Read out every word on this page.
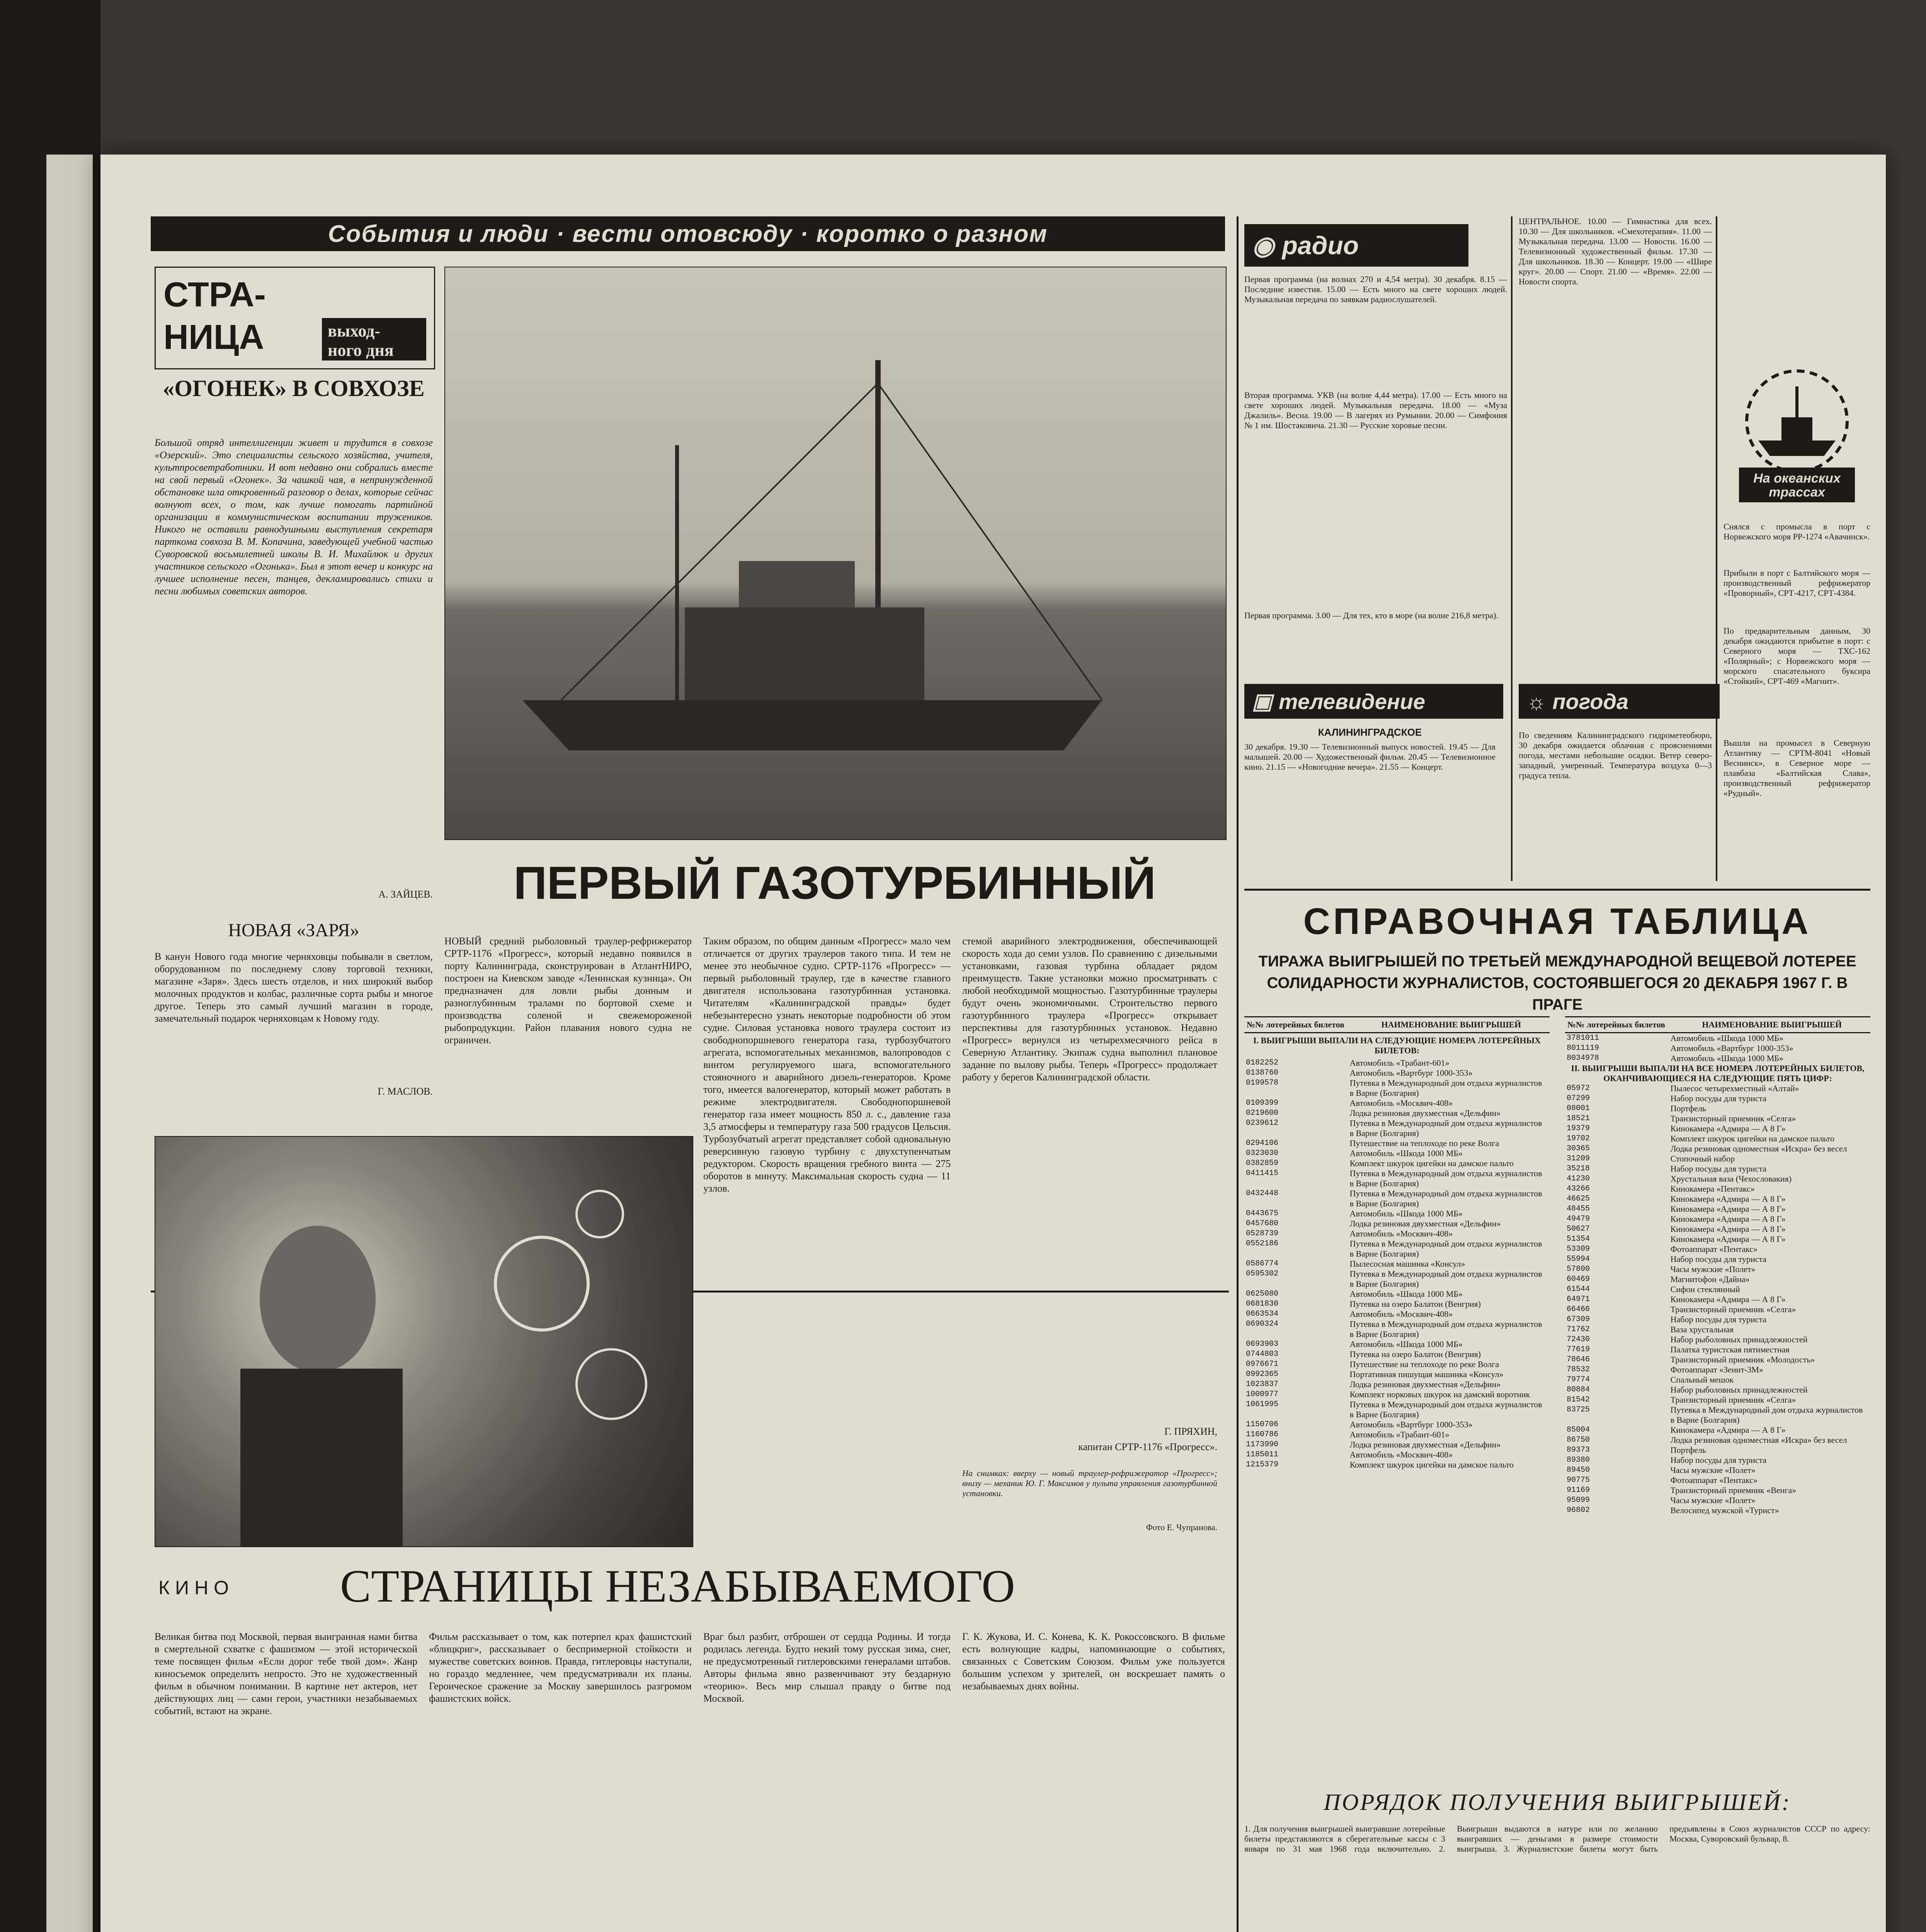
События и люди · вести отовсюду · коротко о разном
СТРА-
НИЦА	выход-
ного дня
«ОГОНЕК» В СОВХОЗЕ
Большой отряд интеллигенции живет и трудится в совхозе «Озерский». Это специалисты сельского хозяйства, учителя, культпросветработники. И вот недавно они собрались вместе на свой первый «Огонек». За чашкой чая, в непринужденной обстановке шла откровенный разговор о делах, которые сейчас волнуют всех, о том, как лучше помогать партийной организации в коммунистическом воспитании тружеников. Никого не оставили равнодушными выступления секретаря парткома совхоза В. М. Копачина, заведующей учебной частью Суворовской восьмилетней школы В. И. Михайлюк и других участников сельского «Огонька». Был в этот вечер и конкурс на лучшее исполнение песен, танцев, декламировались стихи и песни любимых советских авторов.
А. ЗАЙЦЕВ.
НОВАЯ «ЗАРЯ»
В канун Нового года многие черняховцы побывали в светлом, оборудованном по последнему слову торговой техники, магазине «Заря». Здесь шесть отделов, и них широкий выбор молочных продуктов и колбас, различные сорта рыбы и многое другое. Теперь это самый лучший магазин в городе, замечательный подарок черняховцам к Новому году.
Г. МАСЛОВ.
ПЕРВЫЙ ГАЗОТУРБИННЫЙ
НОВЫЙ средний рыболовный траулер-рефрижератор СРТР-1176 «Прогресс», который недавно появился в порту Калининграда, сконструирован в АтлантНИРО, построен на Киевском заводе «Ленинская кузница». Он предназначен для ловли рыбы донным и разноглубинным тралами по бортовой схеме и производства соленой и свежемороженой рыбопродукции. Район плавания нового судна не ограничен.
Таким образом, по общим данным «Прогресс» мало чем отличается от других траулеров такого типа. И тем не менее это необычное судно. СРТР-1176 «Прогресс» — первый рыболовный траулер, где в качестве главного двигателя использована газотурбинная установка. Читателям «Калининградской правды» будет небезынтересно узнать некоторые подробности об этом судне. Силовая установка нового траулера состоит из свободнопоршневого генератора газа, турбозубчатого агрегата, вспомогательных механизмов, валопроводов с винтом регулируемого шага, вспомогательного стояночного и аварийного дизель-генераторов. Кроме того, имеется валогенератор, который может работать в режиме электродвигателя. Свободнопоршневой генератор газа имеет мощность 850 л. с., давление газа 3,5 атмосферы и температуру газа 500 градусов Цельсия. Турбозубчатый агрегат представляет собой одновальную реверсивную газовую турбину с двухступенчатым редуктором. Скорость вращения гребного винта — 275 оборотов в минуту. Максимальная скорость судна — 11 узлов.
стемой аварийного электродвижения, обеспечивающей скорость хода до семи узлов. По сравнению с дизельными установками, газовая турбина обладает рядом преимуществ. Такие установки можно просматривать с любой необходимой мощностью. Газотурбинные траулеры будут очень экономичными. Строительство первого газотурбинного траулера «Прогресс» открывает перспективы для газотурбинных установок. Недавно «Прогресс» вернулся из четырехмесячного рейса в Северную Атлантику. Экипаж судна выполнил плановое задание по вылову рыбы. Теперь «Прогресс» продолжает работу у берегов Калининградской области.
Г. ПРЯХИН,
капитан СРТР-1176 «Прогресс».
На снимках: вверху — новый траулер-рефрижератор «Прогресс»; внизу — механик Ю. Г. Максимов у пульта управления газотурбинной установки.
Фото Е. Чупранова.
КИНО СТРАНИЦЫ НЕЗАБЫВАЕМОГО
Великая битва под Москвой, первая выигранная нами битва в смертельной схватке с фашизмом — этой исторической теме посвящен фильм «Если дорог тебе твой дом». Жанр киносъемок определить непросто. Это не художественный фильм в обычном понимании. В картине нет актеров, нет действующих лиц — сами герои, участники незабываемых событий, встают на экране.
Фильм рассказывает о том, как потерпел крах фашистский «блицкриг», рассказывает о беспримерной стойкости и мужестве советских воинов. Правда, гитлеровцы наступали, но гораздо медленнее, чем предусматривали их планы. Героическое сражение за Москву завершилось разгромом фашистских войск.
Враг был разбит, отброшен от сердца Родины. И тогда родилась легенда. Будто некий тому русская зима, снег, не предусмотренный гитлеровскими генералами штабов. Авторы фильма явно развенчивают эту бездарную «теорию». Весь мир слышал правду о битве под Москвой.
Г. К. Жукова, И. С. Конева, К. К. Рокоссовского. В фильме есть волнующие кадры, напоминающие о событиях, связанных с Советским Союзом. Фильм уже пользуется большим успехом у зрителей, он воскрешает память о незабываемых днях войны.
◉ радио
Первая программа (на волнах 270 и 4,54 метра). 30 декабря. 8.15 — Последние известия. 15.00 — Есть много на свете хороших людей. Музыкальная передача по заявкам радиослушателей.
Вторая программа. УКВ (на волне 4,44 метра). 17.00 — Есть много на свете хороших людей. Музыкальная передача. 18.00 — «Муза Джалиль». Весна. 19.00 — В лагерях из Румынии. 20.00 — Симфония № 1 им. Шостаковича. 21.30 — Русские хоровые песни.
Первая программа. 3.00 — Для тех, кто в море (на волне 216,8 метра).
ЦЕНТРАЛЬНОЕ. 10.00 — Гимнастика для всех. 10.30 — Для школьников. «Смехотерапия». 11.00 — Музыкальная передача. 13.00 — Новости. 16.00 — Телевизионный художественный фильм. 17.30 — Для школьников. 18.30 — Концерт. 19.00 — «Шире круг». 20.00 — Спорт. 21.00 — «Время». 22.00 — Новости спорта.
▣ телевидение
КАЛИНИНГРАДСКОЕ
30 декабря. 19.30 — Телевизионный выпуск новостей. 19.45 — Для малышей. 20.00 — Художественный фильм. 20.45 — Телевизионное кино. 21.15 — «Новогодние вечера». 21.55 — Концерт.
☼ погода
По сведениям Калининградского гидрометеобюро, 30 декабря ожидается облачная с прояснениями погода, местами небольшие осадки. Ветер северо-западный, умеренный. Температура воздуха 0—3 градуса тепла.
На океанских трассах
Снялся с промысла в порт с Норвежского моря РР-1274 «Авачинск».
Прибыли в порт с Балтийского моря — производственный рефрижератор «Проворный», СРТ-4217, СРТ-4384.
По предварительным данным, 30 декабря ожидаются прибытие в порт: с Северного моря — ТХС-162 «Полярный»; с Норвежского моря — морского спасательного буксира «Стойкий», СРТ-469 «Магнит».
Вышли на промысел в Северную Атлантику — СРТМ-8041 «Новый Веснинск», в Северное море — плавбаза «Балтийская Слава», производственный рефрижератор «Рудный».
СПРАВОЧНАЯ ТАБЛИЦА
ТИРАЖА ВЫИГРЫШЕЙ ПО ТРЕТЬЕЙ МЕЖДУНАРОДНОЙ ВЕЩЕВОЙ ЛОТЕРЕЕ СОЛИДАРНОСТИ ЖУРНАЛИСТОВ, СОСТОЯВШЕГОСЯ 20 ДЕКАБРЯ 1967 Г. В ПРАГЕ
№№ лотерейных билетов	НАИМЕНОВАНИЕ ВЫИГРЫШЕЙ
I. ВЫИГРЫШИ ВЫПАЛИ НА СЛЕДУЮЩИЕ НОМЕРА ЛОТЕРЕЙНЫХ БИЛЕТОВ:
0182252	Автомобиль «Трабант-601»
0138760	Автомобиль «Вартбург 1000-353»
0199578	Путевка в Международный дом отдыха журналистов в Варне (Болгария)
0109399	Автомобиль «Москвич-408»
0219600	Лодка резиновая двухместная «Дельфин»
0239612	Путевка в Международный дом отдыха журналистов в Варне (Болгария)
0294106	Путешествие на теплоходе по реке Волга
0323030	Автомобиль «Шкода 1000 МБ»
0382859	Комплект шкурок цигейки на дамское пальто
0411415	Путевка в Международный дом отдыха журналистов в Варне (Болгария)
0432448	Путевка в Международный дом отдыха журналистов в Варне (Болгария)
0443675	Автомобиль «Шкода 1000 МБ»
0457680	Лодка резиновая двухместная «Дельфин»
0528739	Автомобиль «Москвич-408»
0552186	Путевка в Международный дом отдыха журналистов в Варне (Болгария)
0586774	Пылесосная машинка «Консул»
0595302	Путевка в Международный дом отдыха журналистов в Варне (Болгария)
0625080	Автомобиль «Шкода 1000 МБ»
0681830	Путевка на озеро Балатон (Венгрия)
0663534	Автомобиль «Москвич-408»
0690324	Путевка в Международный дом отдыха журналистов в Варне (Болгария)
0693903	Автомобиль «Шкода 1000 МБ»
0744803	Путевка на озеро Балатон (Венгрия)
0976671	Путешествие на теплоходе по реке Волга
0992365	Портативная пишущая машинка «Консул»
1023837	Лодка резиновая двухместная «Дельфин»
1000977	Комплект норковых шкурок на дамский воротник
1061995	Путевка в Международный дом отдыха журналистов в Варне (Болгария)
1150706	Автомобиль «Вартбург 1000-353»
1160786	Автомобиль «Трабант-601»
1173990	Лодка резиновая двухместная «Дельфин»
1185011	Автомобиль «Москвич-408»
1215379	Комплект шкурок цигейки на дамское пальто
№№ лотерейных билетов	НАИМЕНОВАНИЕ ВЫИГРЫШЕЙ
3781011	Автомобиль «Шкода 1000 МБ»
8011119	Автомобиль «Вартбург 1000-353»
8034978	Автомобиль «Шкода 1000 МБ»
II. ВЫИГРЫШИ ВЫПАЛИ НА ВСЕ НОМЕРА ЛОТЕРЕЙНЫХ БИЛЕТОВ, ОКАНЧИВАЮЩИЕСЯ НА СЛЕДУЮЩИЕ ПЯТЬ ЦИФР:	
05972	Пылесос четырехместный «Алтай»
07299	Набор посуды для туриста
08001	Портфель
18521	Транзисторный приемник «Селга»
19379	Кинокамера «Адмира — А 8 Г»
19702	Комплект шкурок цигейки на дамское пальто
30365	Лодка резиновая одноместная «Искра» без весел
31209	Стопочный набор
35218	Набор посуды для туриста
41230	Хрустальная ваза (Чехословакия)
43266	Кинокамера «Пентакс»
46625	Кинокамера «Адмира — А 8 Г»
48455	Кинокамера «Адмира — А 8 Г»
49479	Кинокамера «Адмира — А 8 Г»
50627	Кинокамера «Адмира — А 8 Г»
51354	Кинокамера «Адмира — А 8 Г»
53309	Фотоаппарат «Пентакс»
55994	Набор посуды для туриста
57800	Часы мужские «Полет»
60469	Магнитофон «Дайна»
61544	Сифон стеклянный
64971	Кинокамера «Адмира — А 8 Г»
66466	Транзисторный приемник «Селга»
67309	Набор посуды для туриста
71762	Ваза хрустальная
72430	Набор рыболовных принадлежностей
77619	Палатка туристская пятиместная
78646	Транзисторный приемник «Молодость»
78532	Фотоаппарат «Зенит-3М»
79774	Спальный мешок
80884	Набор рыболовных принадлежностей
81542	Транзисторный приемник «Селга»
83725	Путевка в Международный дом отдыха журналистов в Варне (Болгария)
85004	Кинокамера «Адмира — А 8 Г»
86750	Лодка резиновая одноместная «Искра» без весел
89373	Портфель
89380	Набор посуды для туриста
89450	Часы мужские «Полет»
90775	Фотоаппарат «Пентакс»
91169	Транзисторный приемник «Венга»
95099	Часы мужские «Полет»
96802	Велосипед мужской «Турист»
ПОРЯДОК ПОЛУЧЕНИЯ ВЫИГРЫШЕЙ:
1. Для получения выигрышей выигравшие лотерейные билеты представляются в сберегательные кассы с 3 января по 31 мая 1968 года включительно. 2. Выигрыши выдаются в натуре или по желанию выигравших — деньгами в размере стоимости выигрыша. 3. Журналистские билеты могут быть предъявлены в Союз журналистов СССР по адресу: Москва, Суворовский бульвар, 8.
